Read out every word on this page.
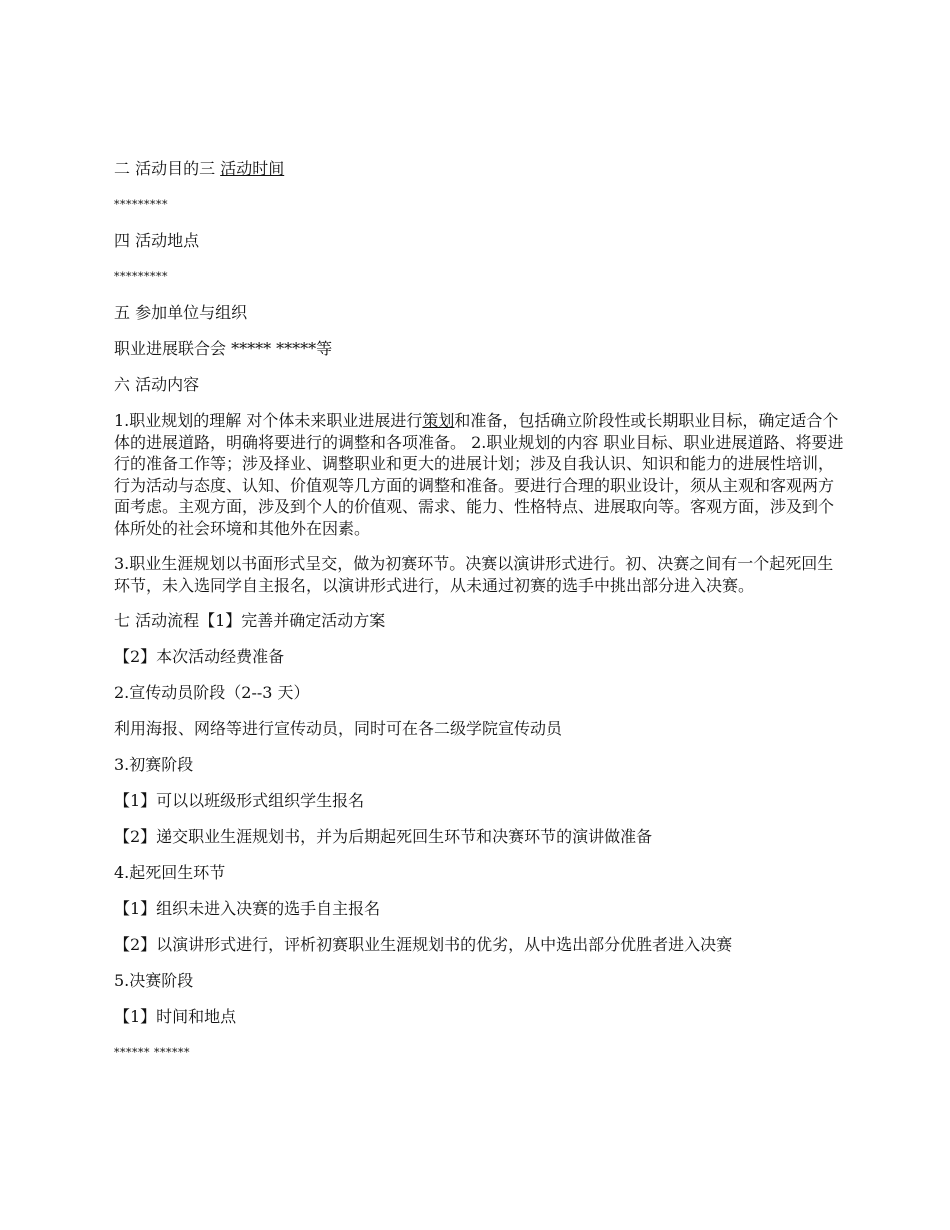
二 活动目的三 活动时间

*********

四 活动地点

*********

五 参加单位与组织

职业进展联合会 ***** *****等

六 活动内容

1.职业规划的理解 对个体未来职业进展进行策划和准备，包括确立阶段性或长期职业目标，确定适合个体的进展道路，明确将要进行的调整和各项准备。 2.职业规划的内容 职业目标、职业进展道路、将要进行的准备工作等；涉及择业、调整职业和更大的进展计划；涉及自我认识、知识和能力的进展性培训，行为活动与态度、认知、价值观等几方面的调整和准备。要进行合理的职业设计，须从主观和客观两方面考虑。主观方面，涉及到个人的价值观、需求、能力、性格特点、进展取向等。客观方面，涉及到个体所处的社会环境和其他外在因素。

3.职业生涯规划以书面形式呈交，做为初赛环节。决赛以演讲形式进行。初、决赛之间有一个起死回生环节，未入选同学自主报名，以演讲形式进行，从未通过初赛的选手中挑出部分进入决赛。

七 活动流程【1】完善并确定活动方案

【2】本次活动经费准备

2.宣传动员阶段（2--3 天）

利用海报、网络等进行宣传动员，同时可在各二级学院宣传动员

3.初赛阶段

【1】可以以班级形式组织学生报名

【2】递交职业生涯规划书，并为后期起死回生环节和决赛环节的演讲做准备

4.起死回生环节

【1】组织未进入决赛的选手自主报名

【2】以演讲形式进行，评析初赛职业生涯规划书的优劣，从中选出部分优胜者进入决赛

5.决赛阶段

【1】时间和地点

****** ******
